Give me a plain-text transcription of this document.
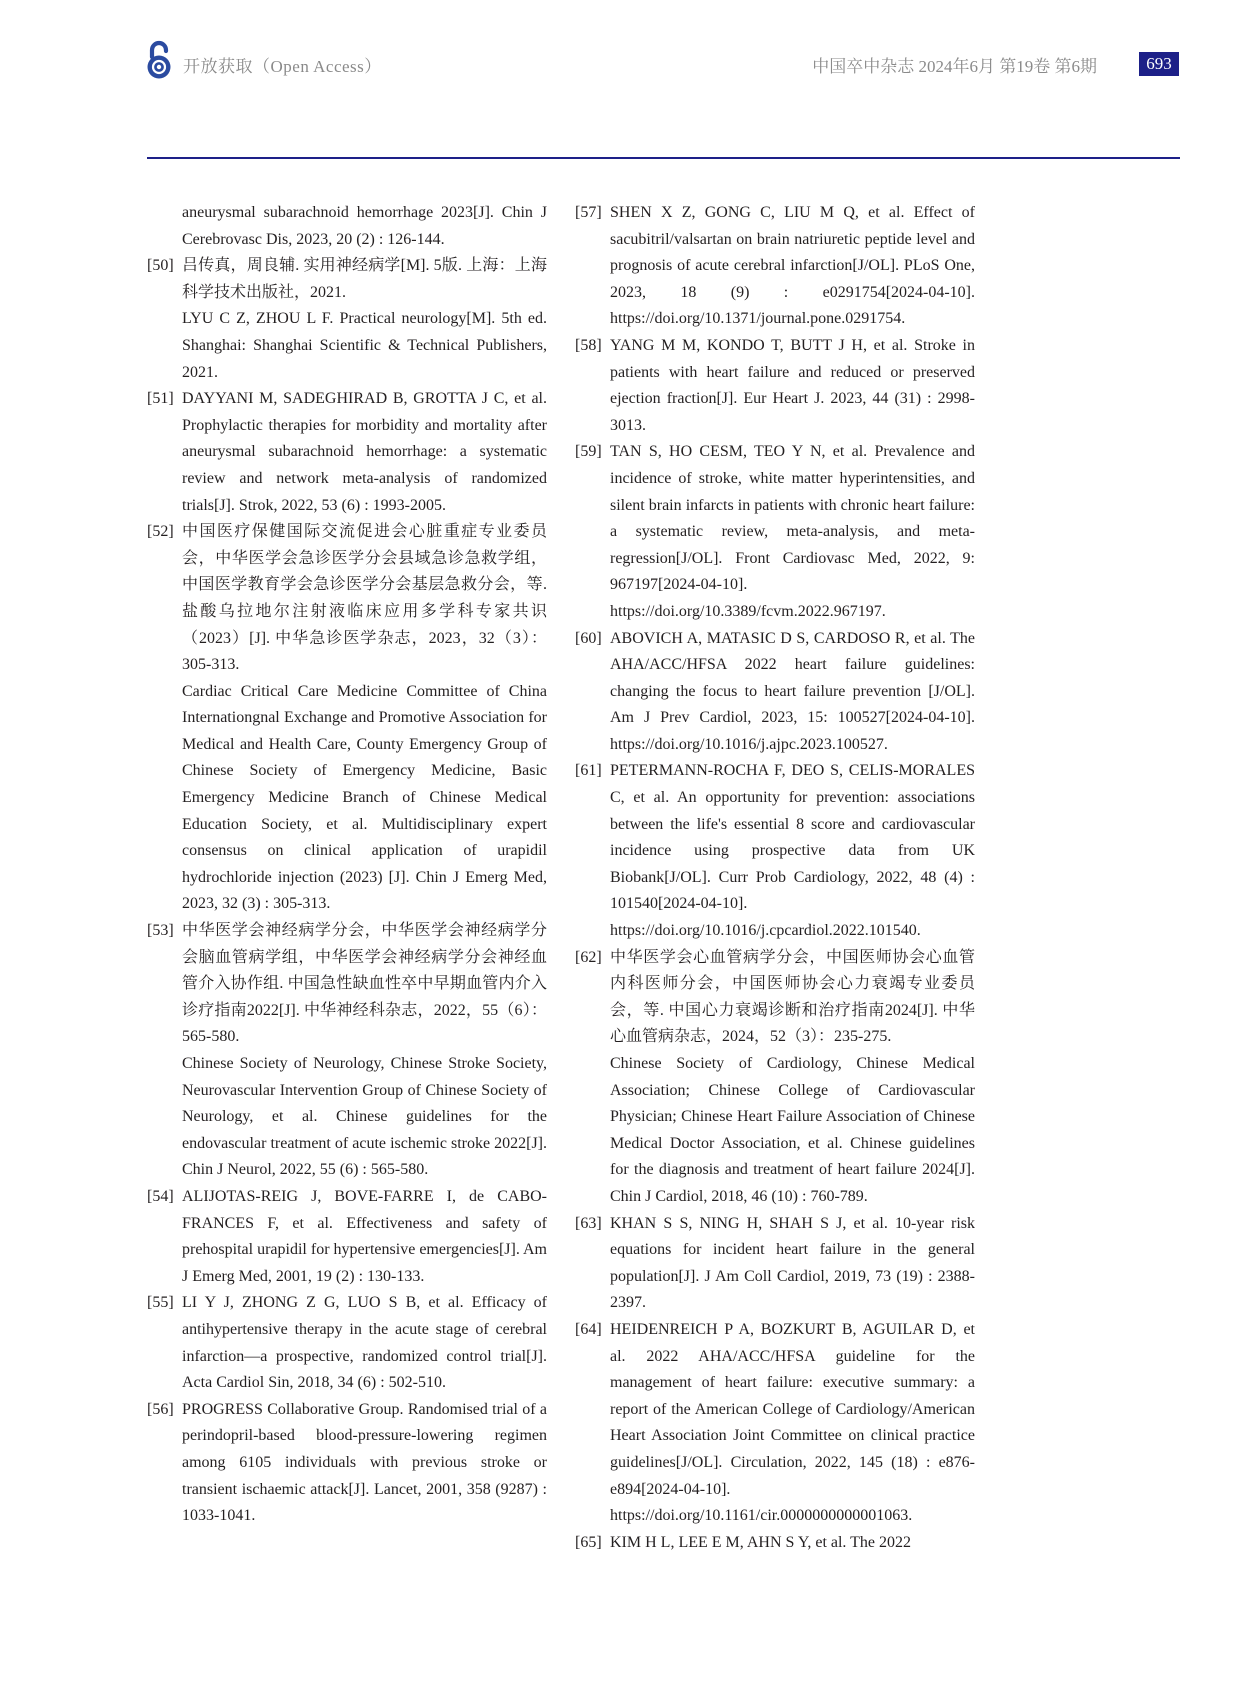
开放获取（Open Access）	中国卒中杂志 2024年6月 第19卷 第6期	693

aneurysmal subarachnoid hemorrhage 2023[J]. Chin J Cerebrovasc Dis, 2023, 20 (2) : 126-144.

[50] 吕传真，周良辅. 实用神经病学[M]. 5版. 上海：上海科学技术出版社，2021.

LYU C Z, ZHOU L F. Practical neurology[M]. 5th ed. Shanghai: Shanghai Scientific & Technical Publishers, 2021.

[51] DAYYANI M, SADEGHIRAD B, GROTTA J C, et al. Prophylactic therapies for morbidity and mortality after aneurysmal subarachnoid hemorrhage: a systematic review and network meta-analysis of randomized trials[J]. Strok, 2022, 53 (6) : 1993-2005.

[52] 中国医疗保健国际交流促进会心脏重症专业委员会，中华医学会急诊医学分会县域急诊急救学组，中国医学教育学会急诊医学分会基层急救分会，等. 盐酸乌拉地尔注射液临床应用多学科专家共识（2023）[J]. 中华急诊医学杂志，2023，32（3）：305-313.

Cardiac Critical Care Medicine Committee of China Internationgnal Exchange and Promotive Association for Medical and Health Care, County Emergency Group of Chinese Society of Emergency Medicine, Basic Emergency Medicine Branch of Chinese Medical Education Society, et al. Multidisciplinary expert consensus on clinical application of urapidil hydrochloride injection (2023) [J]. Chin J Emerg Med, 2023, 32 (3) : 305-313.

[53] 中华医学会神经病学分会，中华医学会神经病学分会脑血管病学组，中华医学会神经病学分会神经血管介入协作组. 中国急性缺血性卒中早期血管内介入诊疗指南2022[J]. 中华神经科杂志，2022，55（6）：565-580.

Chinese Society of Neurology, Chinese Stroke Society, Neurovascular Intervention Group of Chinese Society of Neurology, et al. Chinese guidelines for the endovascular treatment of acute ischemic stroke 2022[J]. Chin J Neurol, 2022, 55 (6) : 565-580.

[54] ALIJOTAS-REIG J, BOVE-FARRE I, de CABO-FRANCES F, et al. Effectiveness and safety of prehospital urapidil for hypertensive emergencies[J]. Am J Emerg Med, 2001, 19 (2) : 130-133.

[55] LI Y J, ZHONG Z G, LUO S B, et al. Efficacy of antihypertensive therapy in the acute stage of cerebral infarction—a prospective, randomized control trial[J]. Acta Cardiol Sin, 2018, 34 (6) : 502-510.

[56] PROGRESS Collaborative Group. Randomised trial of a perindopril-based blood-pressure-lowering regimen among 6105 individuals with previous stroke or transient ischaemic attack[J]. Lancet, 2001, 358 (9287) : 1033-1041.

[57] SHEN X Z, GONG C, LIU M Q, et al. Effect of sacubitril/valsartan on brain natriuretic peptide level and prognosis of acute cerebral infarction[J/OL]. PLoS One, 2023, 18 (9) : e0291754[2024-04-10]. https://doi.org/10.1371/journal.pone.0291754.

[58] YANG M M, KONDO T, BUTT J H, et al. Stroke in patients with heart failure and reduced or preserved ejection fraction[J]. Eur Heart J. 2023, 44 (31) : 2998-3013.

[59] TAN S, HO CESM, TEO Y N, et al. Prevalence and incidence of stroke, white matter hyperintensities, and silent brain infarcts in patients with chronic heart failure: a systematic review, meta-analysis, and meta-regression[J/OL]. Front Cardiovasc Med, 2022, 9: 967197[2024-04-10]. https://doi.org/10.3389/fcvm.2022.967197.

[60] ABOVICH A, MATASIC D S, CARDOSO R, et al. The AHA/ACC/HFSA 2022 heart failure guidelines: changing the focus to heart failure prevention [J/OL]. Am J Prev Cardiol, 2023, 15: 100527[2024-04-10]. https://doi.org/10.1016/j.ajpc.2023.100527.

[61] PETERMANN-ROCHA F, DEO S, CELIS-MORALES C, et al. An opportunity for prevention: associations between the life's essential 8 score and cardiovascular incidence using prospective data from UK Biobank[J/OL]. Curr Prob Cardiology, 2022, 48 (4) : 101540[2024-04-10]. https://doi.org/10.1016/j.cpcardiol.2022.101540.

[62] 中华医学会心血管病学分会，中国医师协会心血管内科医师分会，中国医师协会心力衰竭专业委员会，等. 中国心力衰竭诊断和治疗指南2024[J]. 中华心血管病杂志，2024，52（3）：235-275.

Chinese Society of Cardiology, Chinese Medical Association; Chinese College of Cardiovascular Physician; Chinese Heart Failure Association of Chinese Medical Doctor Association, et al. Chinese guidelines for the diagnosis and treatment of heart failure 2024[J]. Chin J Cardiol, 2018, 46 (10) : 760-789.

[63] KHAN S S, NING H, SHAH S J, et al. 10-year risk equations for incident heart failure in the general population[J]. J Am Coll Cardiol, 2019, 73 (19) : 2388-2397.

[64] HEIDENREICH P A, BOZKURT B, AGUILAR D, et al. 2022 AHA/ACC/HFSA guideline for the management of heart failure: executive summary: a report of the American College of Cardiology/American Heart Association Joint Committee on clinical practice guidelines[J/OL]. Circulation, 2022, 145 (18) : e876-e894[2024-04-10]. https://doi.org/10.1161/cir.0000000000001063.

[65] KIM H L, LEE E M, AHN S Y, et al. The 2022
